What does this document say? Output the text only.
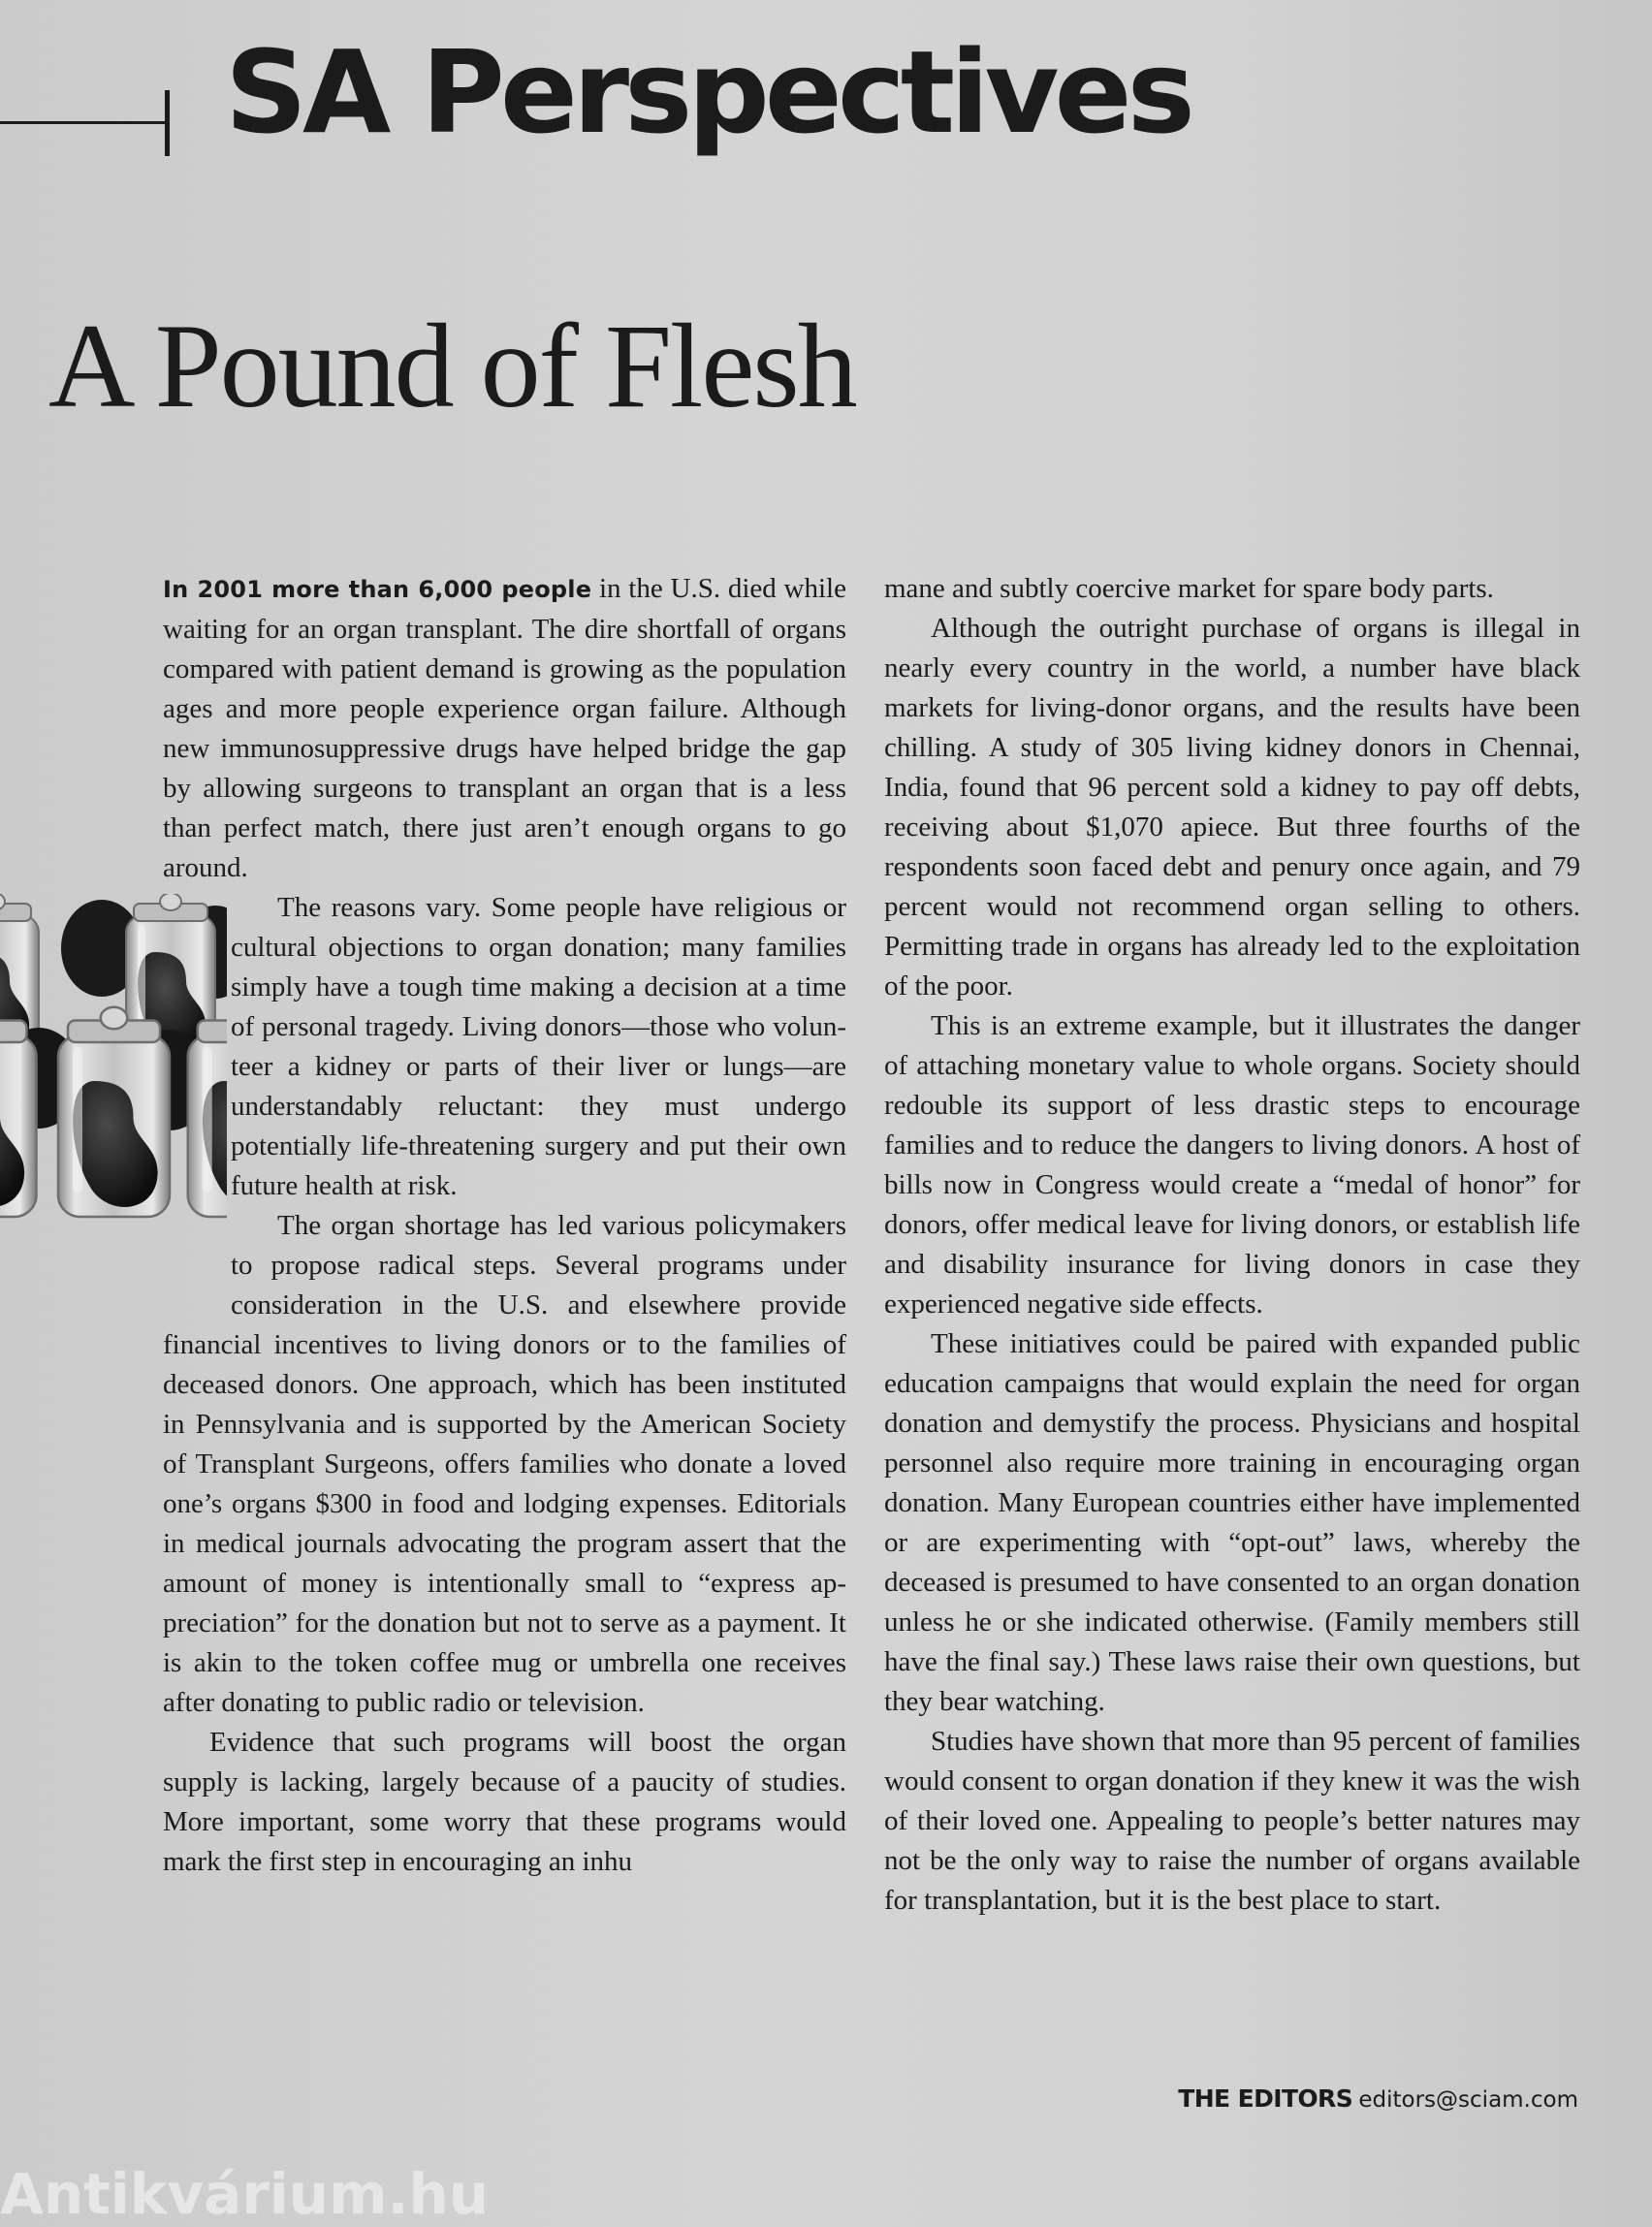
SA Perspectives
A Pound of Flesh

In 2001 more than 6,000 people in the U.S. died while waiting for an organ transplant. The dire shortfall of organs compared with patient demand is growing as the population ages and more people experience organ failure. Although new immunosuppressive drugs have helped bridge the gap by allowing surgeons to transplant an organ that is a less than perfect match, there just aren’t enough organs to go around.

The reasons vary. Some people have religious or cultural objections to organ donation; many families simply have a tough time making a decision at a time of personal tragedy. Living donors—those who volunteer a kidney or parts of their liver or lungs—are understandably reluctant: they must undergo potentially life-threatening surgery and put their own future health at risk.

The organ shortage has led various policymakers to propose radical steps. Several programs under consideration in the U.S. and elsewhere provide financial incentives to living donors or to the families of deceased donors. One approach, which has been instituted in Pennsylvania and is supported by the American Society of Transplant Surgeons, offers families who donate a loved one’s organs $300 in food and lodging expenses. Editorials in medical journals advocating the program assert that the amount of money is intentionally small to “express appreciation” for the donation but not to serve as a payment. It is akin to the token coffee mug or umbrella one receives after donating to public radio or television.

Evidence that such programs will boost the organ supply is lacking, largely because of a paucity of studies. More important, some worry that these programs would mark the first step in encouraging an inhu

mane and subtly coercive market for spare body parts.

Although the outright purchase of organs is illegal in nearly every country in the world, a number have black markets for living-donor organs, and the results have been chilling. A study of 305 living kidney donors in Chennai, India, found that 96 percent sold a kidney to pay off debts, receiving about $1,070 apiece. But three fourths of the respondents soon faced debt and penury once again, and 79 percent would not recommend organ selling to others. Permitting trade in organs has already led to the exploitation of the poor.

This is an extreme example, but it illustrates the danger of attaching monetary value to whole organs. Society should redouble its support of less drastic steps to encourage families and to reduce the dangers to living donors. A host of bills now in Congress would create a “medal of honor” for donors, offer medical leave for living donors, or establish life and disability insurance for living donors in case they experienced negative side effects.

These initiatives could be paired with expanded public education campaigns that would explain the need for organ donation and demystify the process. Physicians and hospital personnel also require more training in encouraging organ donation. Many European countries either have implemented or are experimenting with “opt-out” laws, whereby the deceased is presumed to have consented to an organ donation unless he or she indicated otherwise. (Family members still have the final say.) These laws raise their own questions, but they bear watching.

Studies have shown that more than 95 percent of families would consent to organ donation if they knew it was the wish of their loved one. Appealing to people’s better natures may not be the only way to raise the number of organs available for transplantation, but it is the best place to start.

THE EDITORS editors@sciam.com
Antikvárium.hu
